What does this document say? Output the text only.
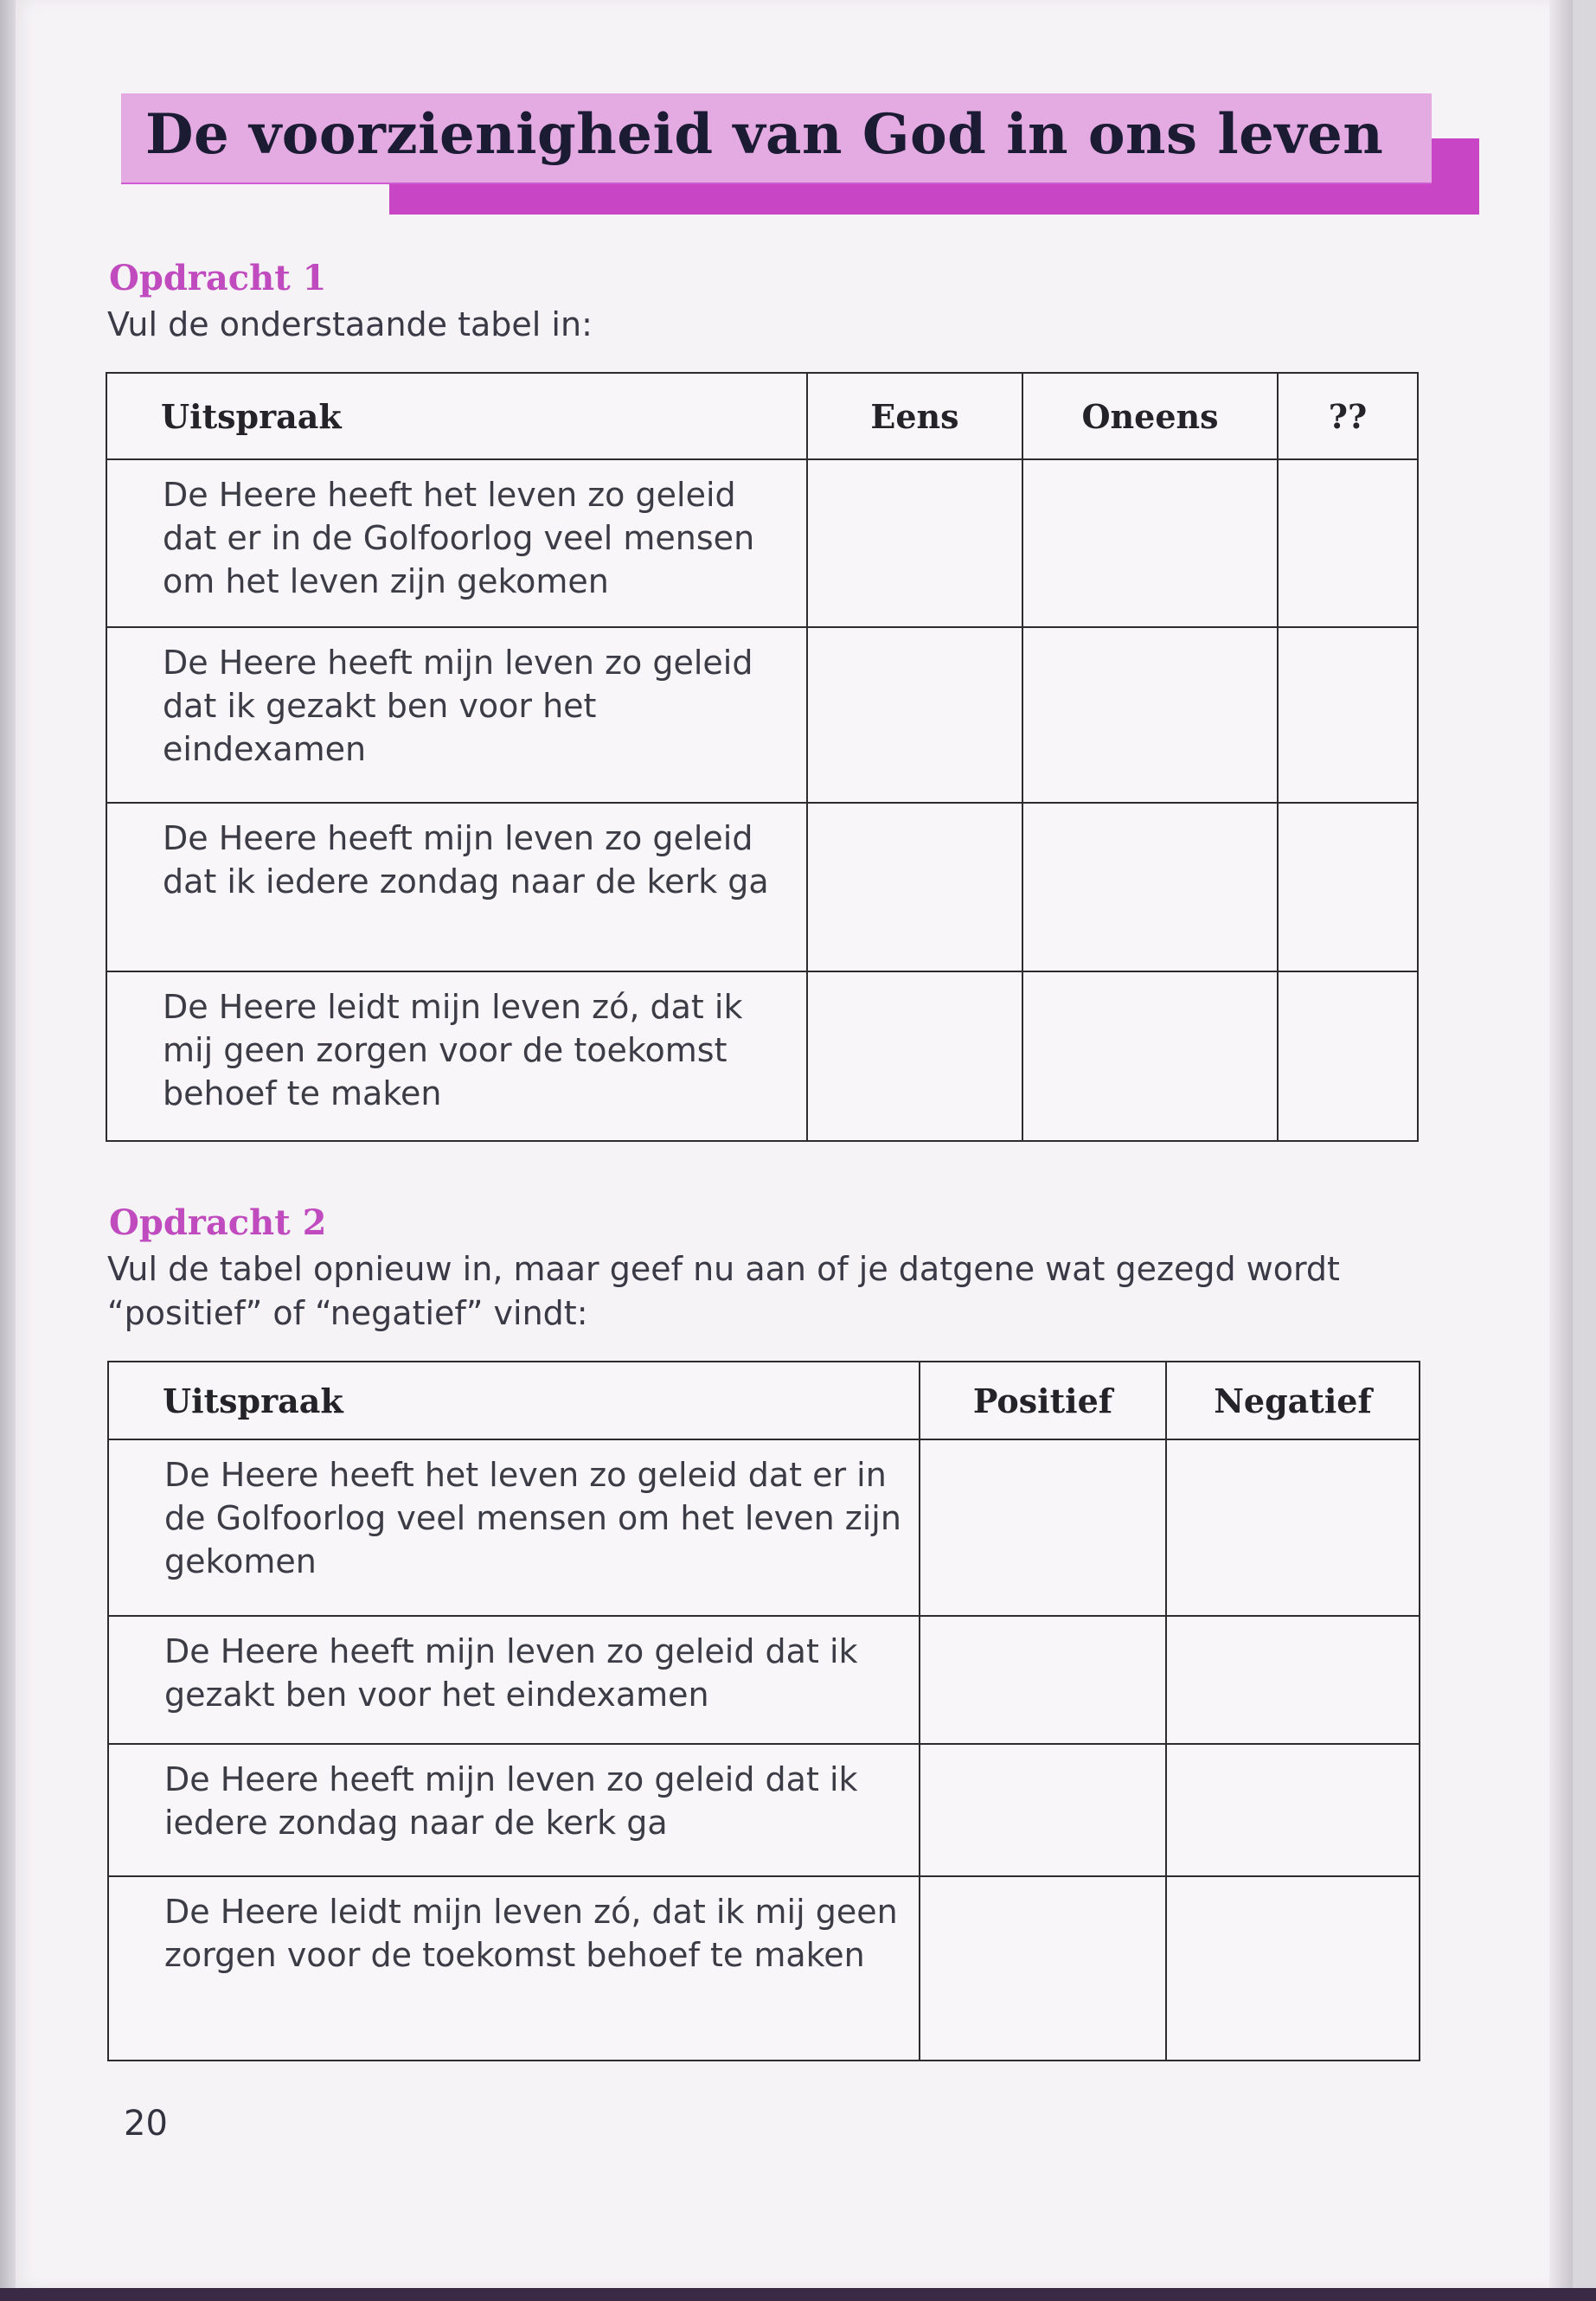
De voorzienigheid van God in ons leven
Opdracht 1
Vul de onderstaande tabel in:
Uitspraak	Eens	Oneens	??
De Heere heeft het leven zo geleid dat er in de Golfoorlog veel mensen om het leven zijn gekomen			
De Heere heeft mijn leven zo geleid dat ik gezakt ben voor het eindexamen			
De Heere heeft mijn leven zo geleid dat ik iedere zondag naar de kerk ga			
De Heere leidt mijn leven zó, dat ik mij geen zorgen voor de toekomst behoef te maken			
Opdracht 2
Vul de tabel opnieuw in, maar geef nu aan of je datgene wat gezegd wordt “positief” of “negatief” vindt:
Uitspraak	Positief	Negatief
De Heere heeft het leven zo geleid dat er in de Golfoorlog veel mensen om het leven zijn gekomen		
De Heere heeft mijn leven zo geleid dat ik gezakt ben voor het eindexamen		
De Heere heeft mijn leven zo geleid dat ik iedere zondag naar de kerk ga		
De Heere leidt mijn leven zó, dat ik mij geen zorgen voor de toekomst behoef te maken		
20
